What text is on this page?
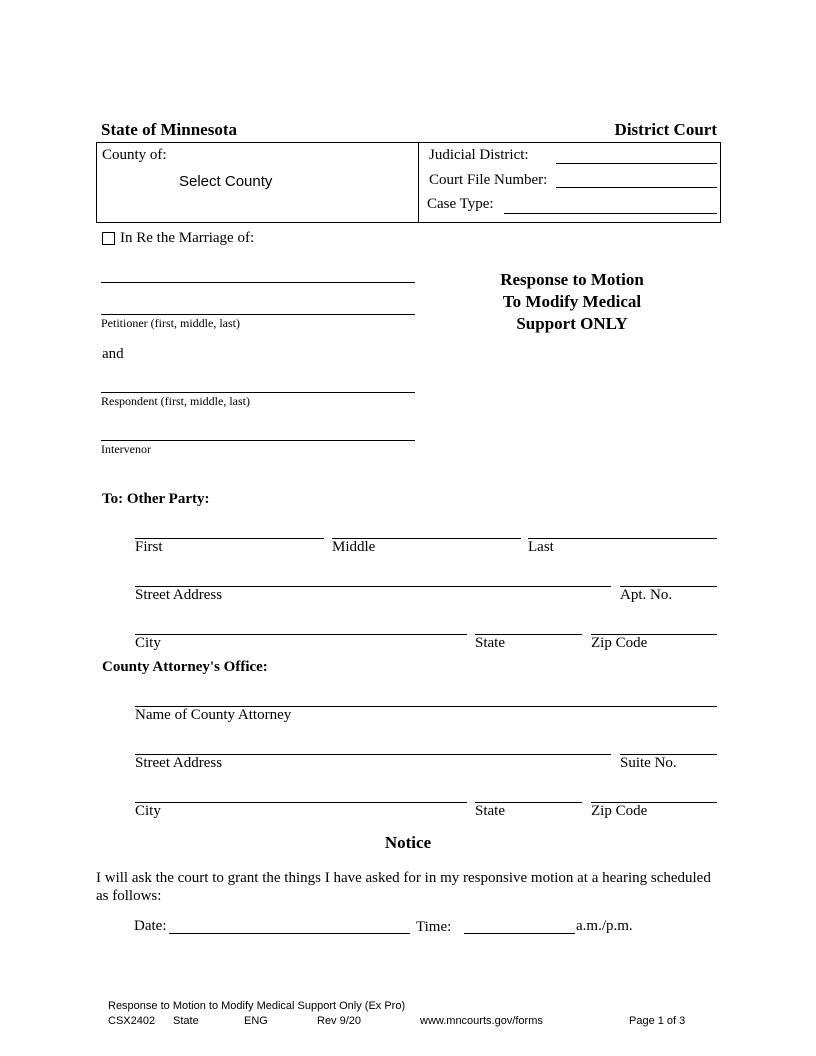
State of Minnesota	District Court
County of:
Select County
Judicial District:
Court File Number:
Case Type:
In Re the Marriage of:
Petitioner (first, middle, last)
and
Respondent (first, middle, last)
Intervenor
Response to Motion
To Modify Medical
Support ONLY
To: Other Party:
First	Middle	Last
Street Address	Apt. No.
City	State	Zip Code
County Attorney's Office:
Name of County Attorney
Street Address	Suite No.
City	State	Zip Code
Notice
I will ask the court to grant the things I have asked for in my responsive motion at a hearing scheduled as follows:
Date:	Time:	a.m./p.m.
Response to Motion to Modify Medical Support Only (Ex Pro)
CSX2402 State	ENG	Rev 9/20	www.mncourts.gov/forms	Page 1 of 3
